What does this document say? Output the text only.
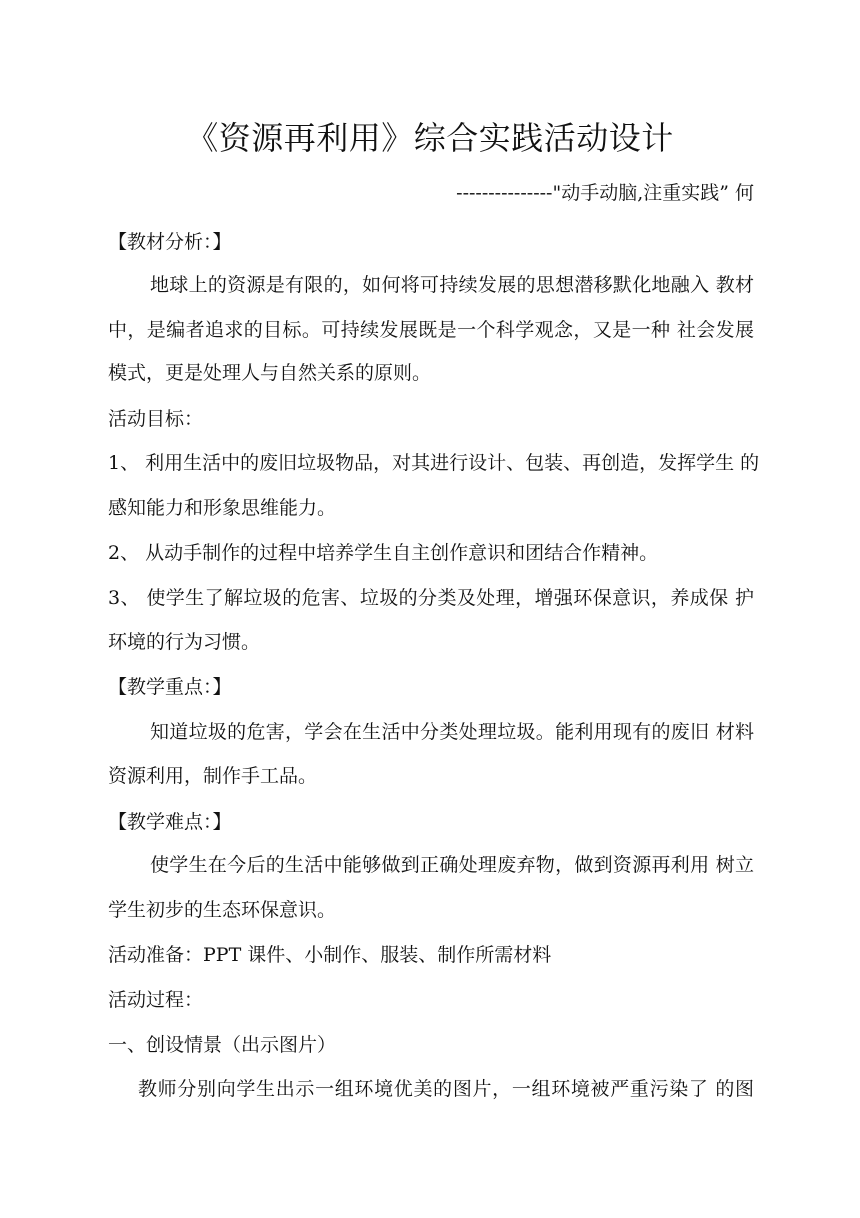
《资源再利用》综合实践活动设计
---------------"动手动脑,注重实践” 何
【教材分析：】
地球上的资源是有限的，如何将可持续发展的思想潜移默化地融入 教材
中，是编者追求的目标。可持续发展既是一个科学观念，又是一种 社会发展
模式，更是处理人与自然关系的原则。
活动目标：
1、 利用生活中的废旧垃圾物品，对其进行设计、包装、再创造，发挥学生 的
感知能力和形象思维能力。
2、 从动手制作的过程中培养学生自主创作意识和团结合作精神。
3、 使学生了解垃圾的危害、垃圾的分类及处理，增强环保意识，养成保 护
环境的行为习惯。
【教学重点：】
知道垃圾的危害，学会在生活中分类处理垃圾。能利用现有的废旧 材料
资源利用，制作手工品。
【教学难点：】
使学生在今后的生活中能够做到正确处理废弃物，做到资源再利用 树立
学生初步的生态环保意识。
活动准备：PPT 课件、小制作、服装、制作所需材料
活动过程：
一、创设情景（出示图片）
教师分别向学生出示一组环境优美的图片，一组环境被严重污染了 的图
